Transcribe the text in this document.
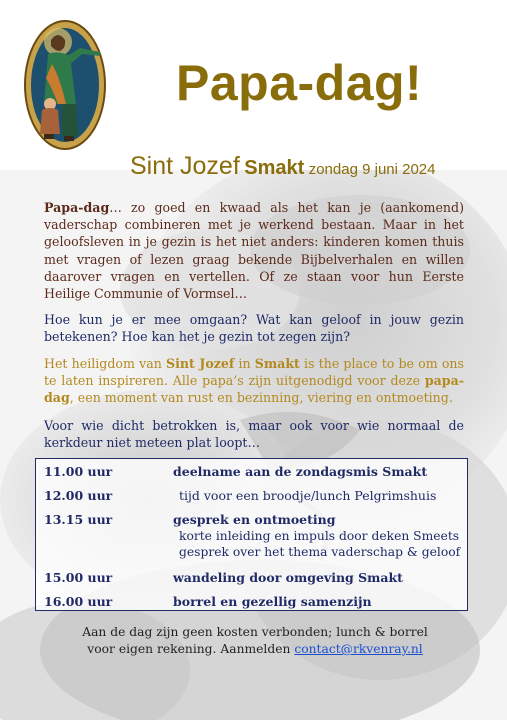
Papa-dag!
Sint Jozef Smakt zondag 9 juni 2024

Papa-dag… zo goed en kwaad als het kan je (aankomend) vaderschap combineren met je werkend bestaan. Maar in het geloofsleven in je gezin is het niet anders: kinderen komen thuis met vragen of lezen graag bekende Bijbelverhalen en willen daarover vragen en vertellen. Of ze staan voor hun Eerste Heilige Communie of Vormsel…

Hoe kun je er mee omgaan? Wat kan geloof in jouw gezin betekenen? Hoe kan het je gezin tot zegen zijn?

Het heiligdom van Sint Jozef in Smakt is the place to be om ons te laten inspireren. Alle papa’s zijn uitgenodigd voor deze papa-dag, een moment van rust en bezinning, viering en ontmoeting.

Voor wie dicht betrokken is, maar ook voor wie normaal de kerkdeur niet meteen plat loopt…

11.00 uur	deelname aan de zondagsmis Smakt
12.00 uur	tijd voor een broodje/lunch Pelgrimshuis
13.15 uur	gesprek en ontmoeting
korte inleiding en impuls door deken Smeets
gesprek over het thema vaderschap & geloof
15.00 uur	wandeling door omgeving Smakt
16.00 uur	borrel en gezellig samenzijn
Aan de dag zijn geen kosten verbonden; lunch & borrel
voor eigen rekening. Aanmelden contact@rkvenray.nl
